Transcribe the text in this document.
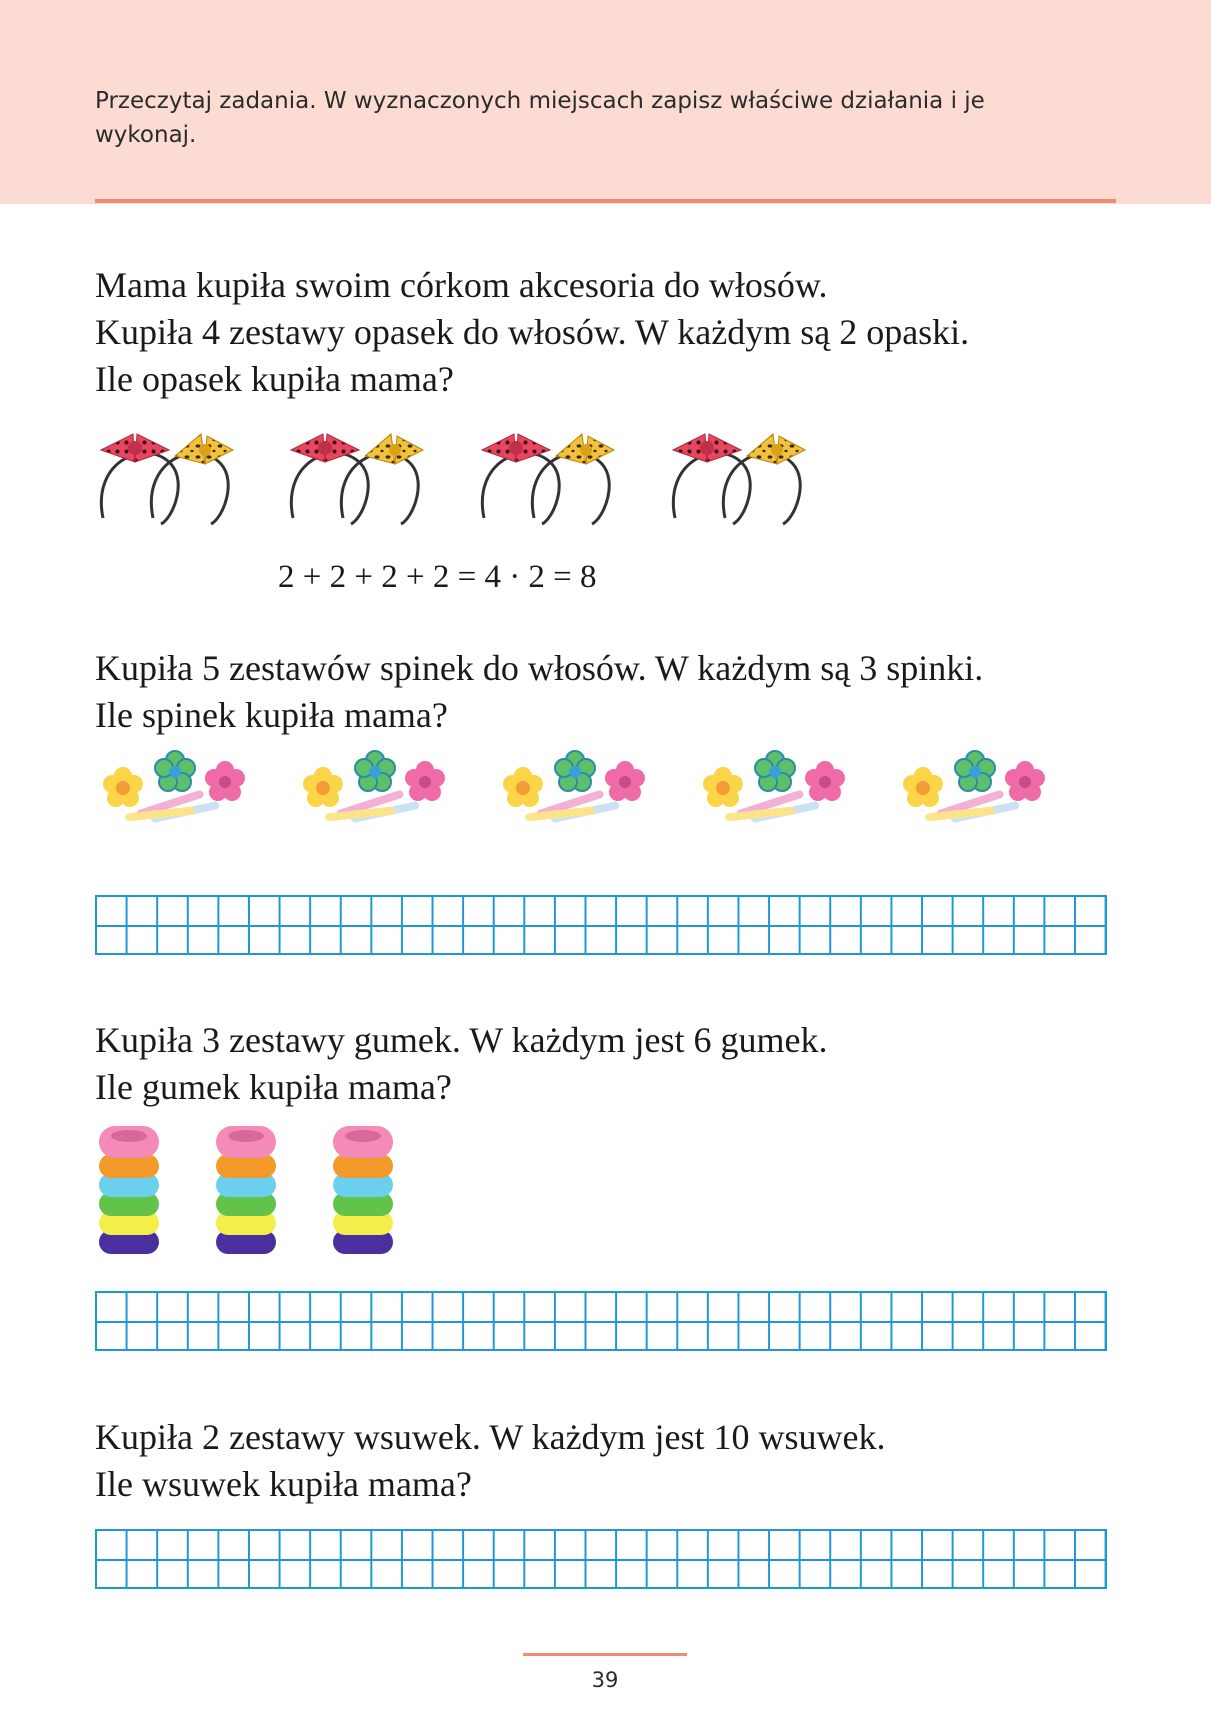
Przeczytaj zadania. W wyznaczonych miejscach zapisz właściwe działania i je wykonaj.
Mama kupiła swoim córkom akcesoria do włosów.
Kupiła 4 zestawy opasek do włosów. W każdym są 2 opaski.
Ile opasek kupiła mama?
2 + 2 + 2 + 2 = 4 · 2 = 8
Kupiła 5 zestawów spinek do włosów. W każdym są 3 spinki.
Ile spinek kupiła mama?
Kupiła 3 zestawy gumek. W każdym jest 6 gumek.
Ile gumek kupiła mama?
Kupiła 2 zestawy wsuwek. W każdym jest 10 wsuwek.
Ile wsuwek kupiła mama?
39
